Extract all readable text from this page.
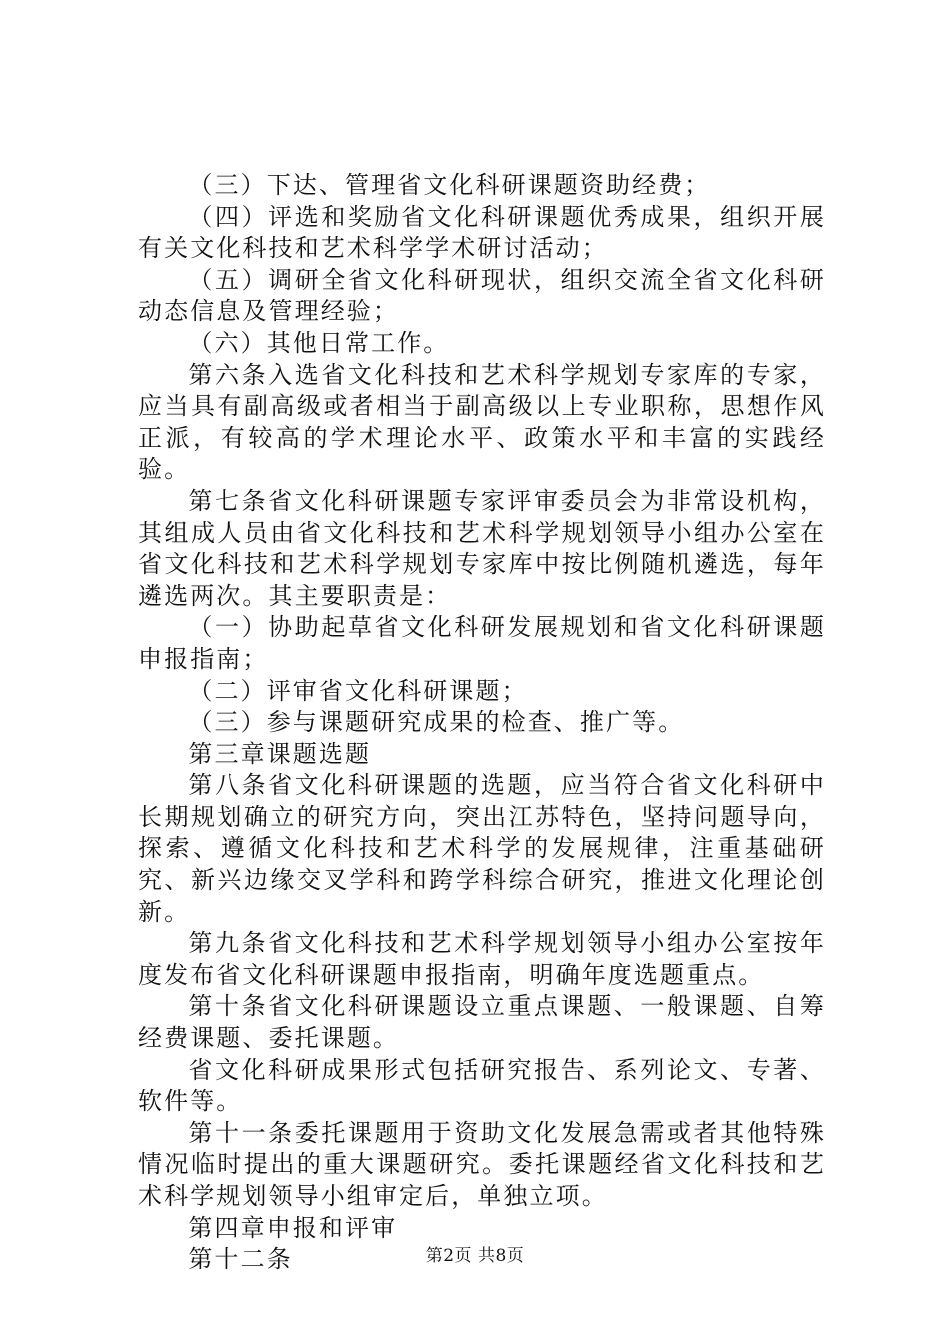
（三）下达、管理省文化科研课题资助经费；

（四）评选和奖励省文化科研课题优秀成果，组织开展有关文化科技和艺术科学学术研讨活动；

（五）调研全省文化科研现状，组织交流全省文化科研动态信息及管理经验；

（六）其他日常工作。

第六条入选省文化科技和艺术科学规划专家库的专家，应当具有副高级或者相当于副高级以上专业职称，思想作风正派，有较高的学术理论水平、政策水平和丰富的实践经验。

第七条省文化科研课题专家评审委员会为非常设机构，其组成人员由省文化科技和艺术科学规划领导小组办公室在省文化科技和艺术科学规划专家库中按比例随机遴选，每年遴选两次。其主要职责是：

（一）协助起草省文化科研发展规划和省文化科研课题申报指南；

（二）评审省文化科研课题；

（三）参与课题研究成果的检查、推广等。

第三章课题选题

第八条省文化科研课题的选题，应当符合省文化科研中长期规划确立的研究方向，突出江苏特色，坚持问题导向，探索、遵循文化科技和艺术科学的发展规律，注重基础研究、新兴边缘交叉学科和跨学科综合研究，推进文化理论创新。

第九条省文化科技和艺术科学规划领导小组办公室按年度发布省文化科研课题申报指南，明确年度选题重点。

第十条省文化科研课题设立重点课题、一般课题、自筹经费课题、委托课题。

省文化科研成果形式包括研究报告、系列论文、专著、软件等。

第十一条委托课题用于资助文化发展急需或者其他特殊情况临时提出的重大课题研究。委托课题经省文化科技和艺术科学规划领导小组审定后，单独立项。

第四章申报和评审

第十二条	第2页 共8页
